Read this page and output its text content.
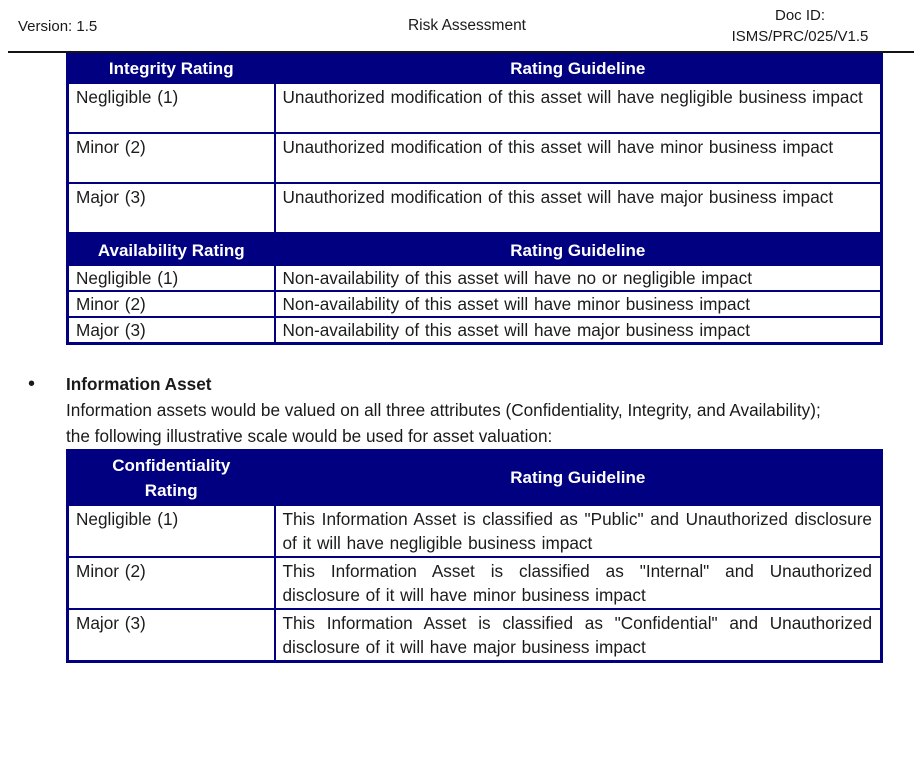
Version: 1.5	Risk Assessment
Doc ID:
ISMS/PRC/025/V1.5
Integrity Rating	Rating Guideline
Negligible (1)	Unauthorized modification of this asset will have negligible business impact
Minor (2)	Unauthorized modification of this asset will have minor business impact
Major (3)	Unauthorized modification of this asset will have major business impact
Availability Rating	Rating Guideline
Negligible (1)	Non-availability of this asset will have no or negligible impact
Minor (2)	Non-availability of this asset will have minor business impact
Major (3)	Non-availability of this asset will have major business impact
•	Information Asset
Information assets would be valued on all three attributes (Confidentiality, Integrity, and Availability); the following illustrative scale would be used for asset valuation:
Confidentiality Rating	Rating Guideline
Negligible (1)	This Information Asset is classified as "Public" and Unauthorized disclosure of it will have negligible business impact
Minor (2)	This Information Asset is classified as "Internal" and Unauthorized disclosure of it will have minor business impact
Major (3)	This Information Asset is classified as "Confidential" and Unauthorized disclosure of it will have major business impact
